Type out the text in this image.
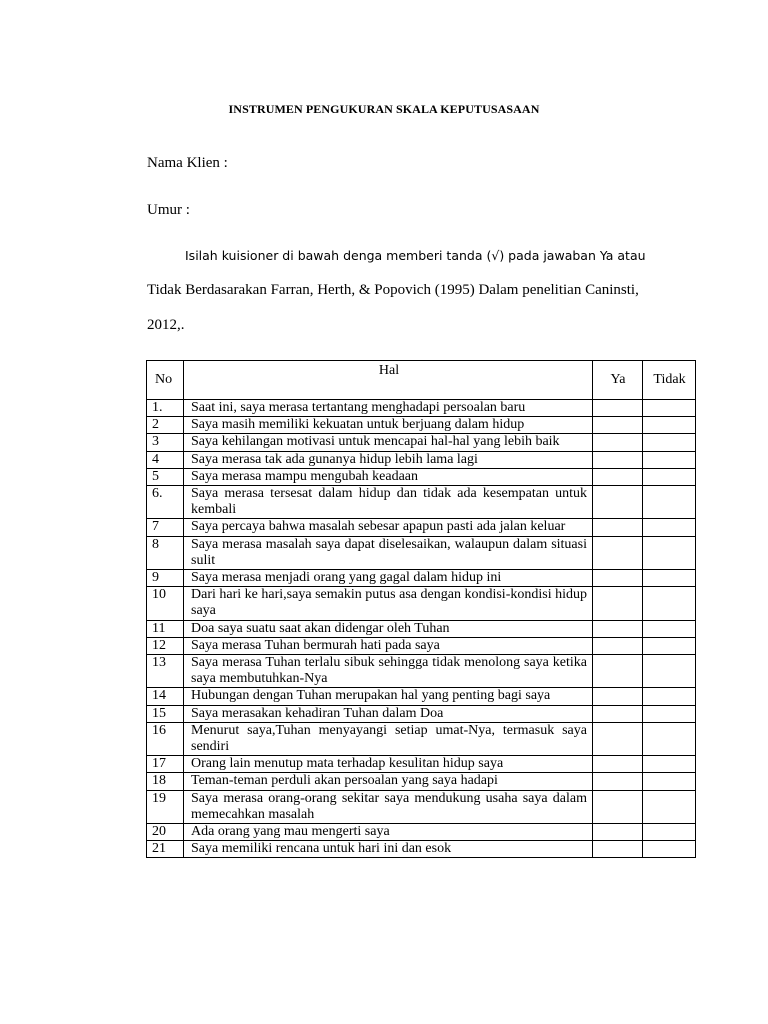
INSTRUMEN PENGUKURAN SKALA KEPUTUSASAAN
Nama Klien :
Umur :
Isilah kuisioner di bawah denga memberi tanda (√) pada jawaban Ya atau
Tidak Berdasarakan Farran, Herth, & Popovich (1995) Dalam penelitian Caninsti,
2012,.
No	Hal	Ya	Tidak
1.	Saat ini, saya merasa tertantang menghadapi persoalan baru		
2	Saya masih memiliki kekuatan untuk berjuang dalam hidup		
3	Saya kehilangan motivasi untuk mencapai hal-hal yang lebih baik		
4	Saya merasa tak ada gunanya hidup lebih lama lagi		
5	Saya merasa mampu mengubah keadaan		
6.	Saya merasa tersesat dalam hidup dan tidak ada kesempatan untuk kembali		
7	Saya percaya bahwa masalah sebesar apapun pasti ada jalan keluar		
8	Saya merasa masalah saya dapat diselesaikan, walaupun dalam situasi sulit		
9	Saya merasa menjadi orang yang gagal dalam hidup ini		
10	Dari hari ke hari,saya semakin putus asa dengan kondisi-kondisi hidup saya		
11	Doa saya suatu saat akan didengar oleh Tuhan		
12	Saya merasa Tuhan bermurah hati pada saya		
13	Saya merasa Tuhan terlalu sibuk sehingga tidak menolong saya ketika saya membutuhkan-Nya		
14	Hubungan dengan Tuhan merupakan hal yang penting bagi saya		
15	Saya merasakan kehadiran Tuhan dalam Doa		
16	Menurut saya,Tuhan menyayangi setiap umat-Nya, termasuk saya sendiri		
17	Orang lain menutup mata terhadap kesulitan hidup saya		
18	Teman-teman perduli akan persoalan yang saya hadapi		
19	Saya merasa orang-orang sekitar saya mendukung usaha saya dalam memecahkan masalah		
20	Ada orang yang mau mengerti saya		
21	Saya memiliki rencana untuk hari ini dan esok		
